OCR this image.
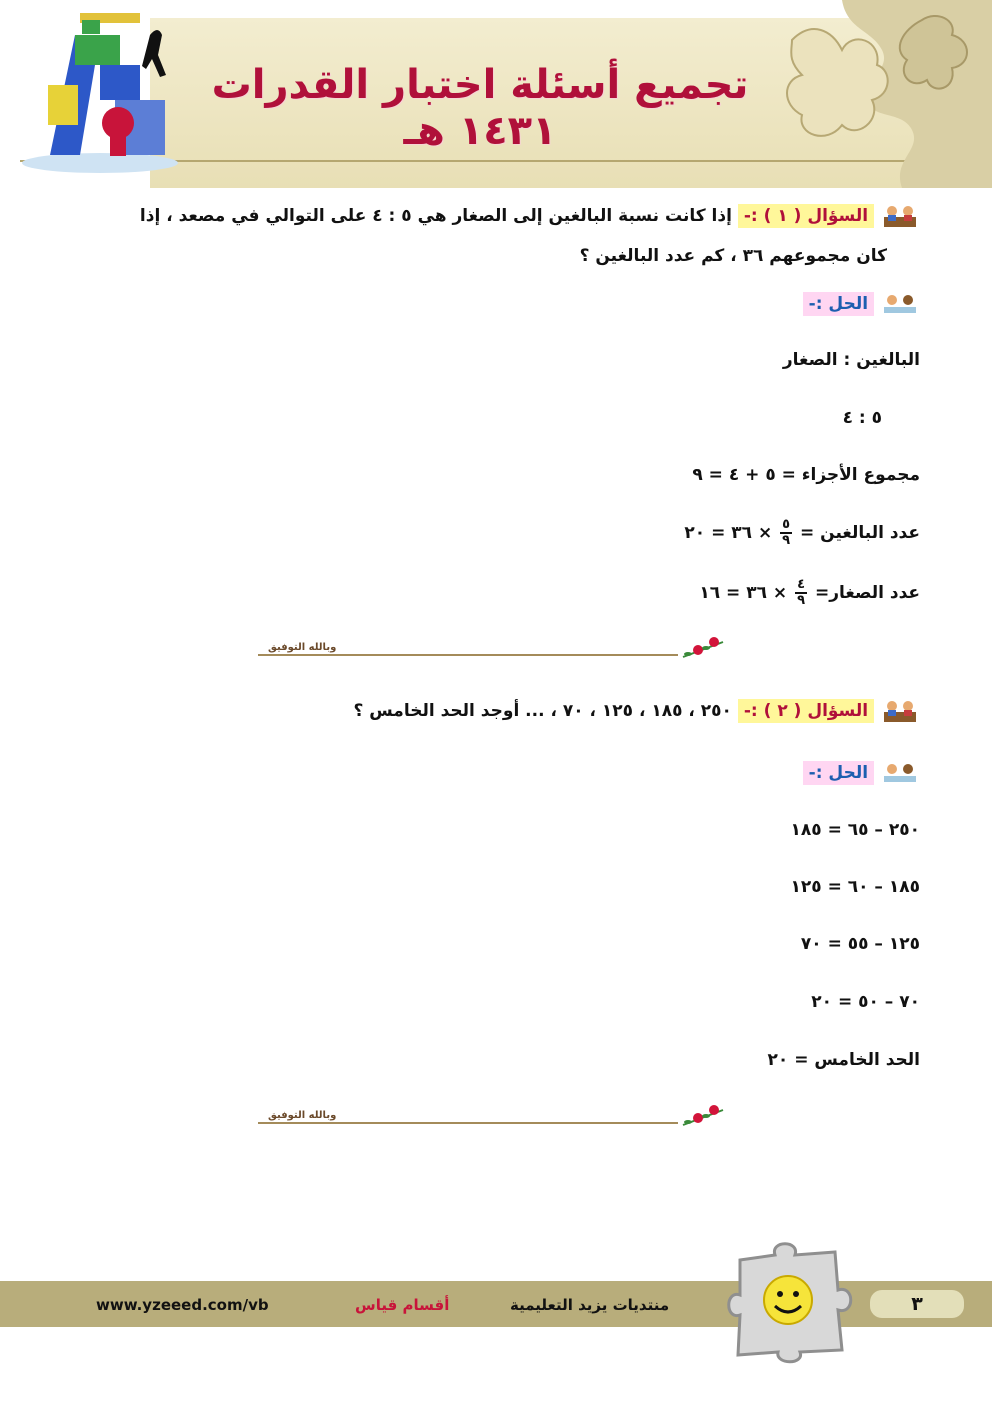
تجميع أسئلة اختبار القدرات ١٤٣١ هـ
السؤال ( ١ ) :- إذا كانت نسبة البالغين إلى الصغار هي ٥ : ٤ على التوالي في مصعد ، إذا
كان مجموعهم ٣٦ ، كم عدد البالغين ؟
الحل :-
البالغين : الصغار
٥ : ٤
مجموع الأجزاء = ٥ + ٤ = ٩
عدد البالغين =
$\frac{٥}{٩}$
× ٣٦ = ٢٠
عدد الصغار=
$\frac{٤}{٩}$
× ٣٦ = ١٦
وبالله التوفيق
السؤال ( ٢ ) :- ٢٥٠ ، ١٨٥ ، ١٢٥ ، ٧٠ ، ... أوجد الحد الخامس ؟
الحل :-
٢٥٠ – ٦٥ = ١٨٥
١٨٥ – ٦٠ = ١٢٥
١٢٥ – ٥٥ = ٧٠
٧٠ – ٥٠ = ٢٠
الحد الخامس = ٢٠
وبالله التوفيق
www.yzeeed.com/vb	أقسام قياس	منتديات يزيد التعليمية	٣
